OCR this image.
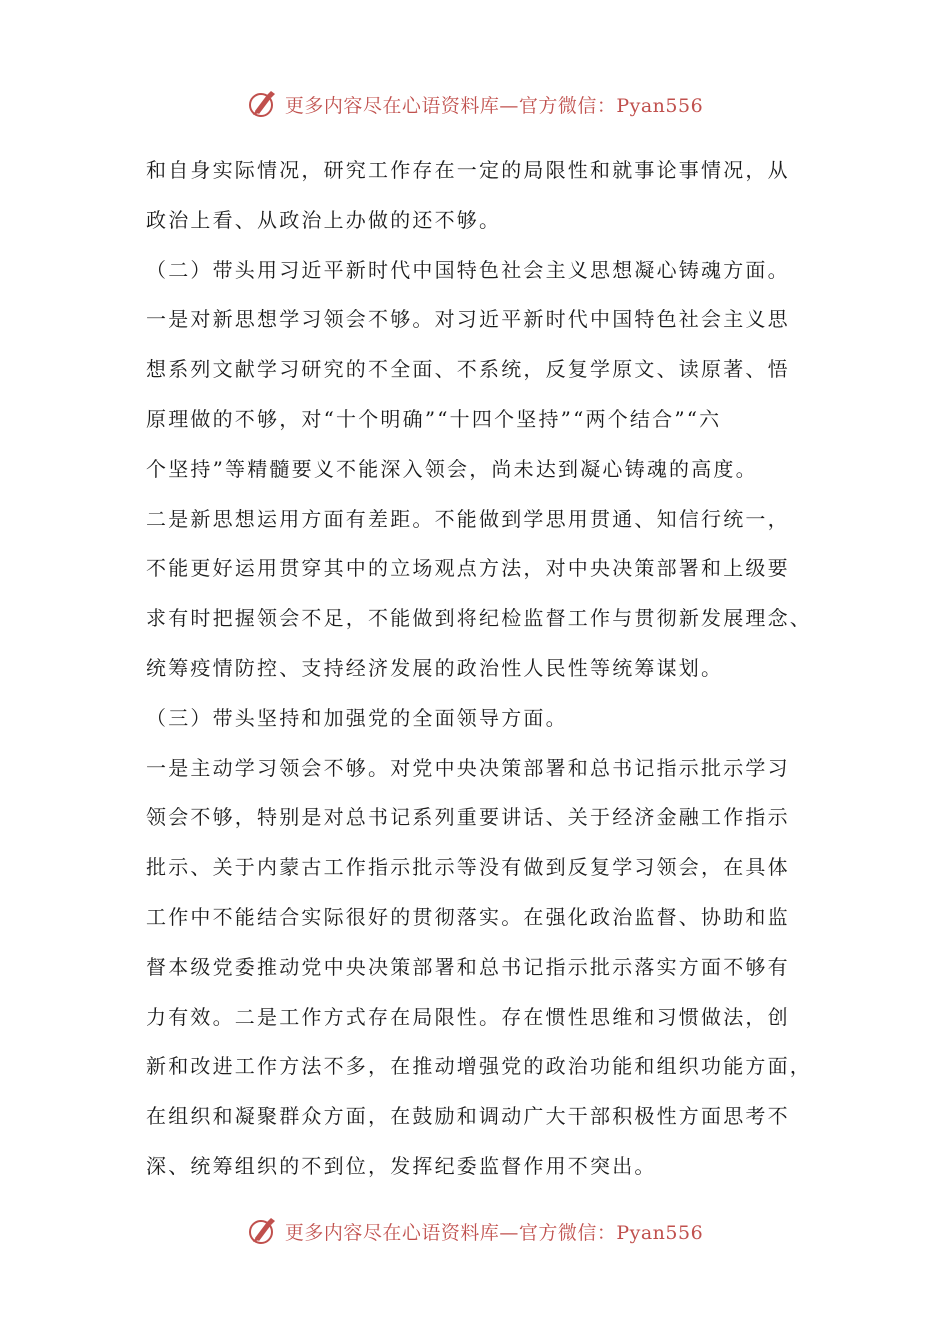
更多内容尽在心语资料库—官方微信：Pyan556
和自身实际情况，研究工作存在一定的局限性和就事论事情况，从
政治上看、从政治上办做的还不够。
（二）带头用习近平新时代中国特色社会主义思想凝心铸魂方面。
一是对新思想学习领会不够。对习近平新时代中国特色社会主义思
想系列文献学习研究的不全面、不系统，反复学原文、读原著、悟
原理做的不够，对“十个明确”“十四个坚持”“两个结合”“六
个坚持”等精髓要义不能深入领会，尚未达到凝心铸魂的高度。
二是新思想运用方面有差距。不能做到学思用贯通、知信行统一，
不能更好运用贯穿其中的立场观点方法，对中央决策部署和上级要
求有时把握领会不足，不能做到将纪检监督工作与贯彻新发展理念、
统筹疫情防控、支持经济发展的政治性人民性等统筹谋划。
（三）带头坚持和加强党的全面领导方面。
一是主动学习领会不够。对党中央决策部署和总书记指示批示学习
领会不够，特别是对总书记系列重要讲话、关于经济金融工作指示
批示、关于内蒙古工作指示批示等没有做到反复学习领会，在具体
工作中不能结合实际很好的贯彻落实。在强化政治监督、协助和监
督本级党委推动党中央决策部署和总书记指示批示落实方面不够有
力有效。二是工作方式存在局限性。存在惯性思维和习惯做法，创
新和改进工作方法不多，在推动增强党的政治功能和组织功能方面，
在组织和凝聚群众方面，在鼓励和调动广大干部积极性方面思考不
深、统筹组织的不到位，发挥纪委监督作用不突出。
更多内容尽在心语资料库—官方微信：Pyan556
